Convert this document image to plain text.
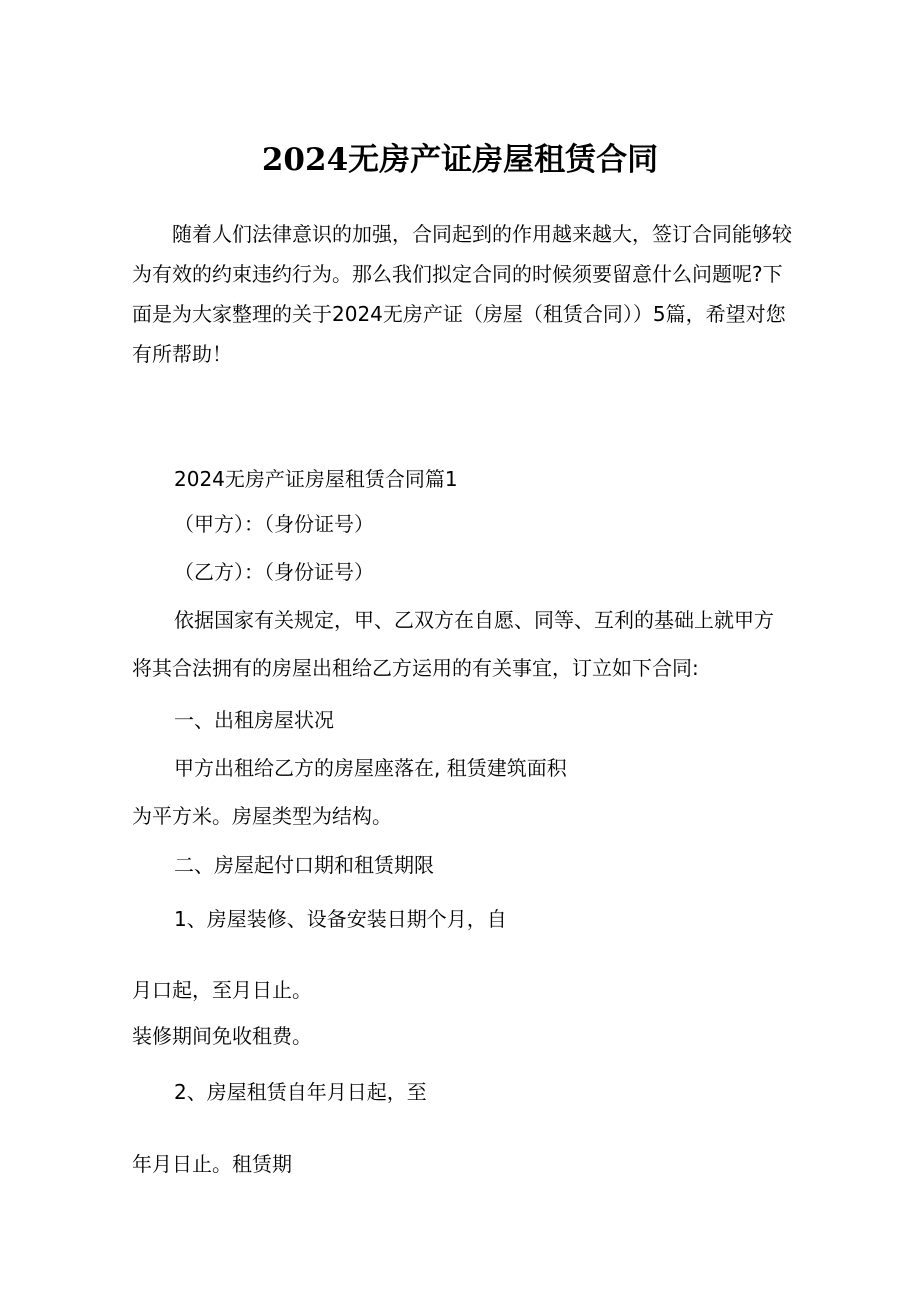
2024无房产证房屋租赁合同

随着人们法律意识的加强，合同起到的作用越来越大，签订合同能够较为有效的约束违约行为。那么我们拟定合同的时候须要留意什么问题呢?下面是为大家整理的关于2024无房产证（房屋（租赁合同））5篇，希望对您有所帮助！

2024无房产证房屋租赁合同篇1

（甲方）：（身份证号）

（乙方）：（身份证号）

依据国家有关规定，甲、乙双方在自愿、同等、互利的基础上就甲方

将其合法拥有的房屋出租给乙方运用的有关事宜，订立如下合同:

一、出租房屋状况

甲方出租给乙方的房屋座落在, 租赁建筑面积

为平方米。房屋类型为结构。

二、房屋起付口期和租赁期限

1、房屋装修、设备安装日期个月，自

月口起，至月日止。

装修期间免收租费。

2、房屋租赁自年月日起，至

年月日止。租赁期
